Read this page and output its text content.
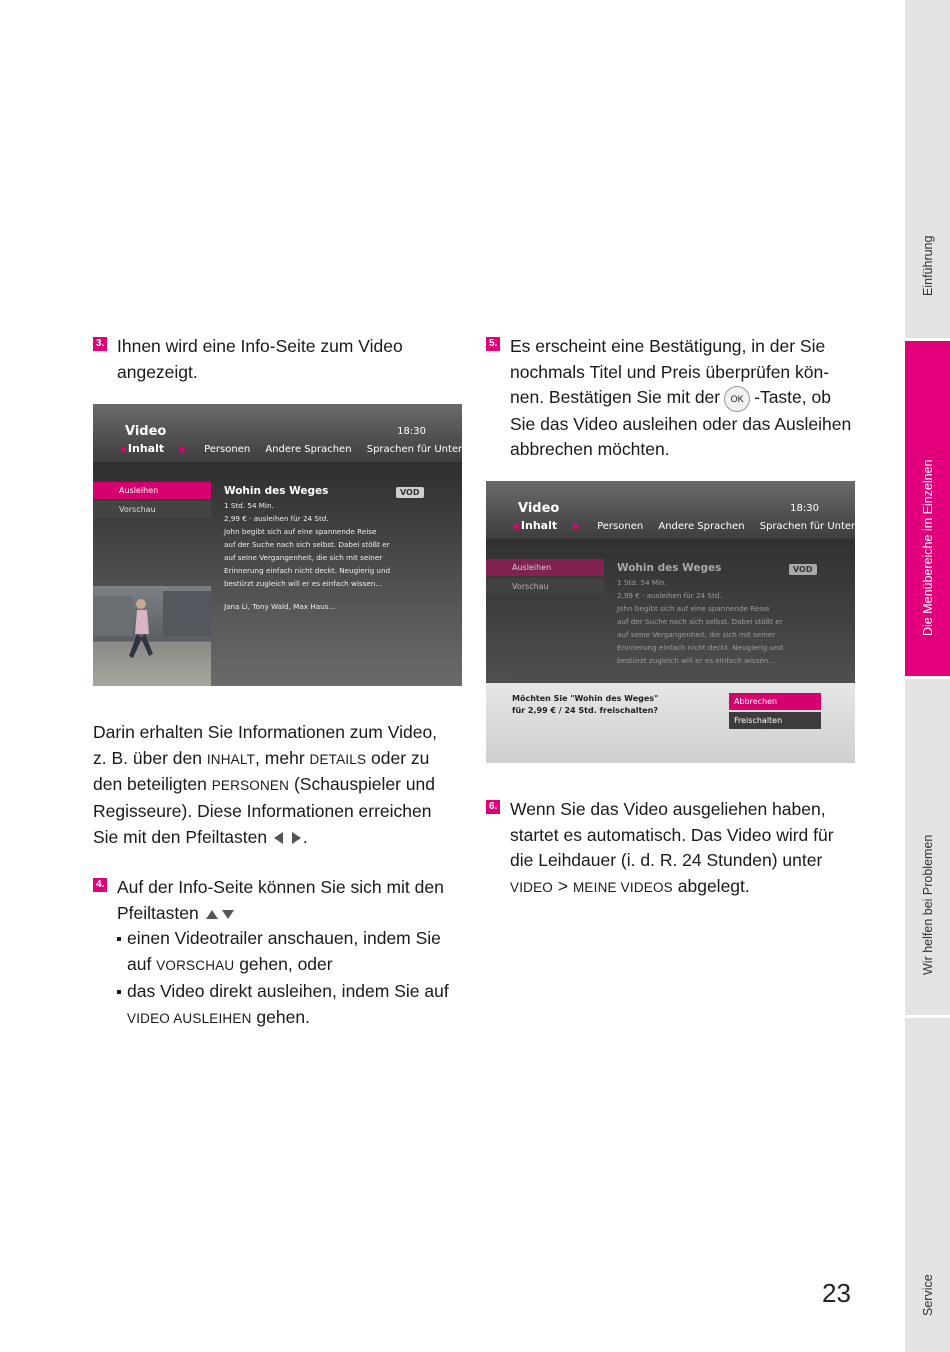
3. Ihnen wird eine Info-Seite zum Video
angezeigt.
Video	18:30
◀ Inhalt ▶ Personen Andere Sprachen Sprachen für Untertitel
Ausleihen
Vorschau
Wohin des Weges
1 Std. 54 Min.
2,99 € · ausleihen für 24 Std.
John begibt sich auf eine spannende Reise
auf der Suche nach sich selbst. Dabei stößt er
auf seine Vergangenheit, die sich mit seiner
Erinnerung einfach nicht deckt. Neugierig und
bestürzt zugleich will er es einfach wissen...
Jana Li, Tony Wald, Max Haus...
VOD
Darin erhalten Sie Informationen zum Video,
z. B. über den INHALT, mehr DETAILS oder zu
den beteiligten PERSONEN (Schauspieler und
Regisseure). Diese Informationen erreichen
Sie mit den Pfeiltasten .
4. Auf der Info-Seite können Sie sich mit den
Pfeiltasten
einen Videotrailer anschauen, indem Sie
auf VORSCHAU gehen, oder
das Video direkt ausleihen, indem Sie auf
VIDEO AUSLEIHEN gehen.
5. Es erscheint eine Bestätigung, in der Sie
nochmals Titel und Preis überprüfen kön-
nen. Bestätigen Sie mit der OK -Taste, ob
Sie das Video ausleihen oder das Ausleihen
abbrechen möchten.
Video	18:30
◀ Inhalt ▶ Personen Andere Sprachen Sprachen für Untertitel
Ausleihen
Vorschau
Wohin des Weges
1 Std. 54 Min.
2,99 € · ausleihen für 24 Std.
John begibt sich auf eine spannende Reise
auf der Suche nach sich selbst. Dabei stößt er
auf seine Vergangenheit, die sich mit seiner
Erinnerung einfach nicht deckt. Neugierig und
bestürzt zugleich will er es einfach wissen...
VOD
Möchten Sie "Wohin des Weges"
für 2,99 € / 24 Std. freischalten?
Abbrechen
Freischalten
6. Wenn Sie das Video ausgeliehen haben,
startet es automatisch. Das Video wird für
die Leihdauer (i. d. R. 24 Stunden) unter
VIDEO > MEINE VIDEOS abgelegt.
Einführung
Die Menübereiche im Einzelnen
Wir helfen bei Problemen
Service
23
